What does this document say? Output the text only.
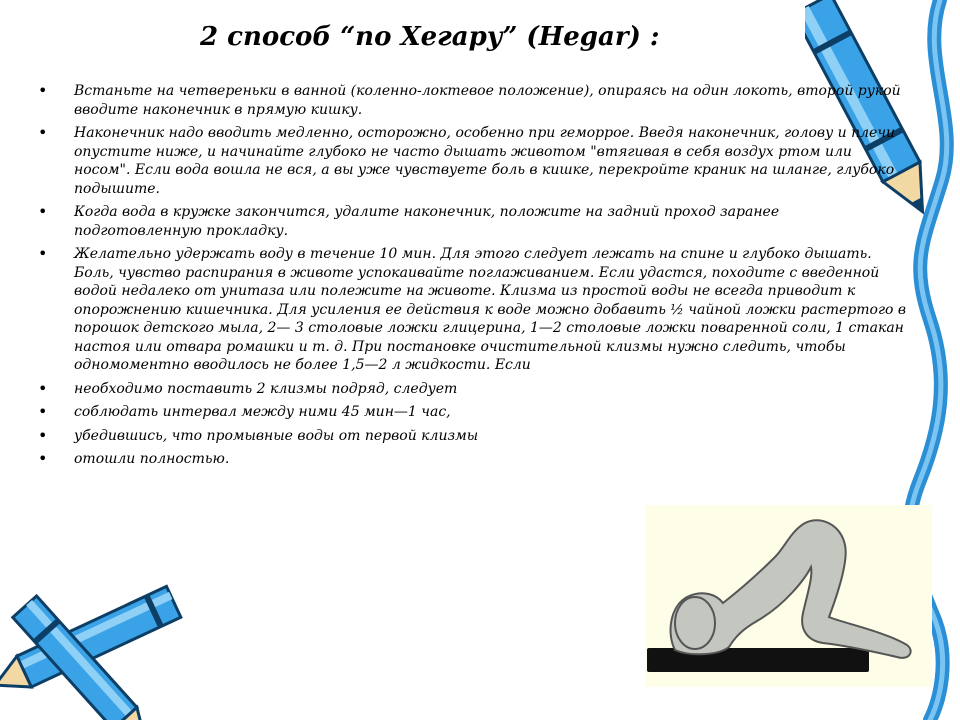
2 способ “по Хегару” (Hegar) :
• Встаньте на четвереньки в ванной (коленно-локтевое положение), опираясь на один локоть, второй рукой вводите наконечник в прямую кишку.
• Наконечник надо вводить медленно, осторожно, особенно при геморрое. Введя наконечник, голову и плечи опустите ниже, и начинайте глубоко не часто дышать животом "втягивая в себя воздух ртом или носом". Если вода вошла не вся, а вы уже чувствуете боль в кишке, перекройте краник на шланге, глубоко подышите.
• Когда вода в кружке закончится, удалите наконечник, положите на задний проход заранее подготовленную прокладку.
• Желательно удержать воду в течение 10 мин. Для этого следует лежать на спине и глубоко дышать. Боль, чувство распирания в животе успокаивайте поглаживанием. Если удастся, походите с введенной водой недалеко от унитаза или полежите на животе. Клизма из простой воды не всегда приводит к опорожнению кишечника. Для усиления ее действия к воде можно добавить ½ чайной ложки растертого в порошок детского мыла, 2— 3 столовые ложки глицерина, 1—2 столовые ложки поваренной соли, 1 стакан настоя или отвара ромашки и т. д. При постановке очистительной клизмы нужно следить, чтобы одномоментно вводилось не более 1,5—2 л жидкости. Если
• необходимо поставить 2 клизмы подряд, следует
• соблюдать интервал между ними 45 мин—1 час,
• убедившись, что промывные воды от первой клизмы
• отошли полностью.
